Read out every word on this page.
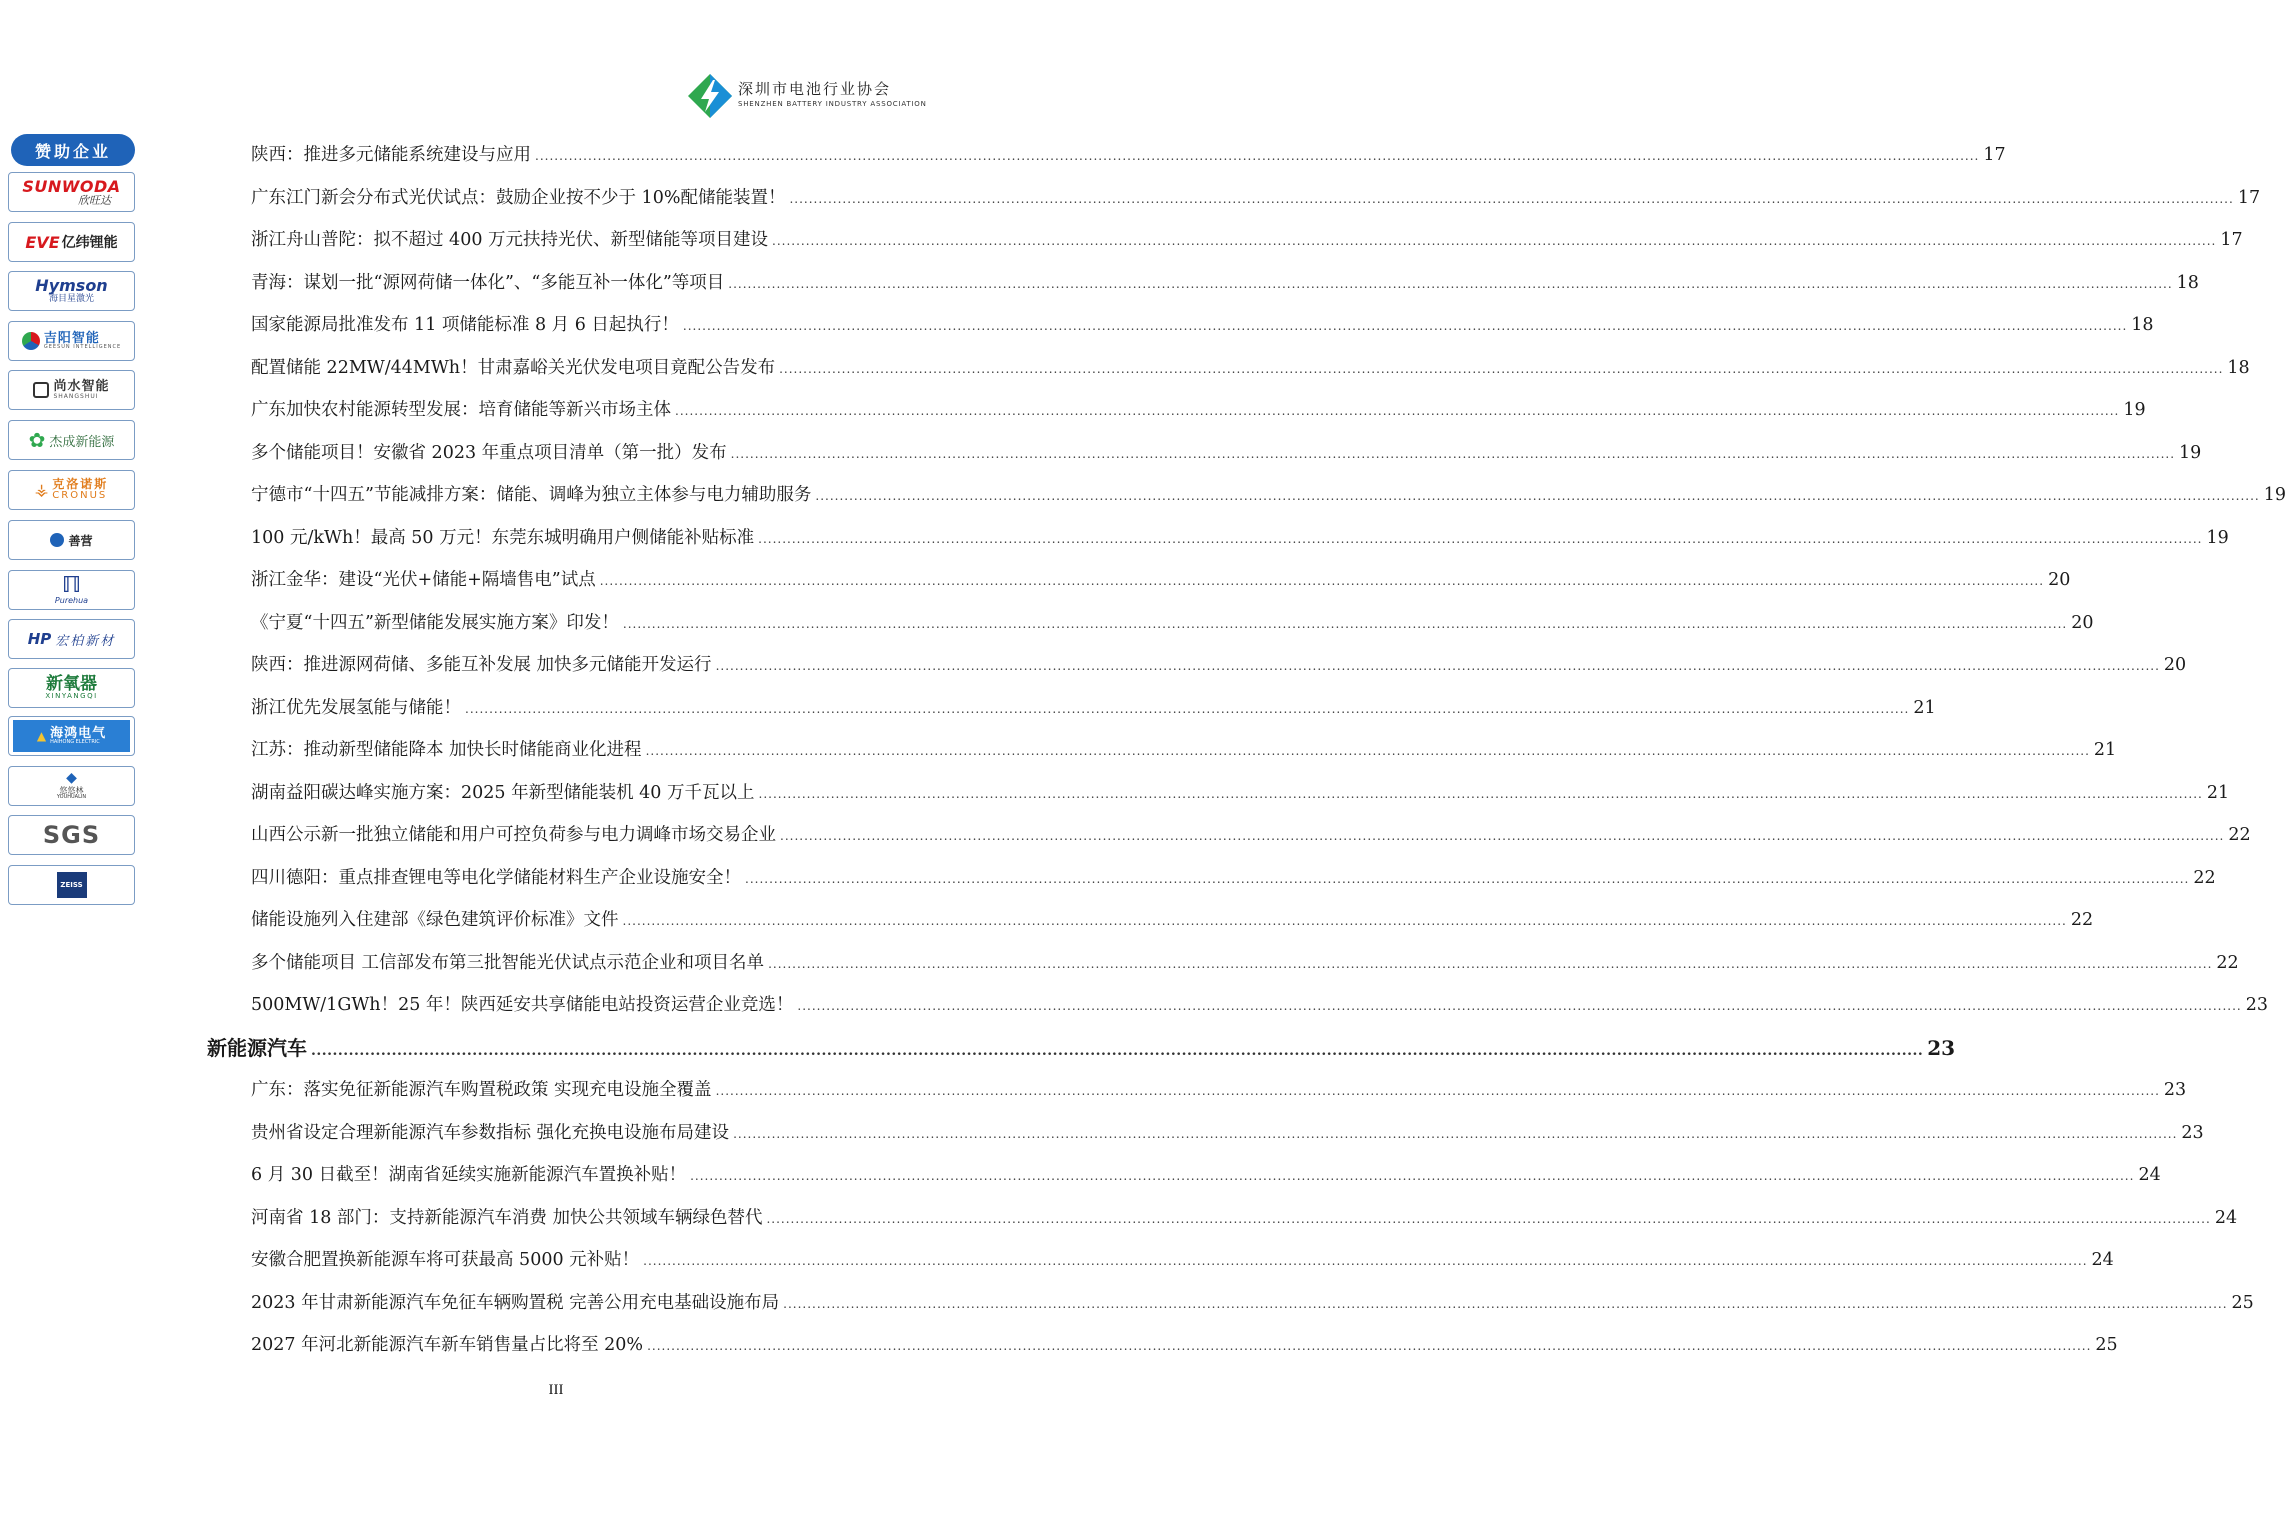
深圳市电池行业协会
SHENZHEN BATTERY INDUSTRY ASSOCIATION
赞助企业
SUNWODA
欣旺达
EVE 亿纬锂能
Hymson
海目星激光
吉阳智能
GEESUN INTELLIGENCE
尚水智能
SHANGSHUI
✿ 杰成新能源
⚶ 克洛诺斯
CRONUS
善营
ℿ
Purehua
HP 宏柏新材
新氧器
XINYANGQI
▲ 海鸿电气
HAIHONG ELECTRIC
◆
悠悠林
YOUHUALIN
SGS
ZEISS
陕西：推进多元储能系统建设与应用 ............................................................................................................................................................................................................................................................................................................ 17
广东江门新会分布式光伏试点：鼓励企业按不少于 10%配储能装置！ ............................................................................................................................................................................................................................................................................................................ 17
浙江舟山普陀：拟不超过 400 万元扶持光伏、新型储能等项目建设 ............................................................................................................................................................................................................................................................................................................ 17
青海：谋划一批“源网荷储一体化”、“多能互补一体化”等项目 ............................................................................................................................................................................................................................................................................................................ 18
国家能源局批准发布 11 项储能标准 8 月 6 日起执行！ ............................................................................................................................................................................................................................................................................................................ 18
配置储能 22MW/44MWh！甘肃嘉峪关光伏发电项目竟配公告发布 ............................................................................................................................................................................................................................................................................................................ 18
广东加快农村能源转型发展：培育储能等新兴市场主体 ............................................................................................................................................................................................................................................................................................................ 19
多个储能项目！安徽省 2023 年重点项目清单（第一批）发布 ............................................................................................................................................................................................................................................................................................................ 19
宁德市“十四五”节能减排方案：储能、调峰为独立主体参与电力辅助服务 ............................................................................................................................................................................................................................................................................................................ 19
100 元/kWh！最高 50 万元！东莞东城明确用户侧储能补贴标准 ............................................................................................................................................................................................................................................................................................................ 19
浙江金华：建设“光伏+储能+隔墙售电”试点 ............................................................................................................................................................................................................................................................................................................ 20
《宁夏“十四五”新型储能发展实施方案》印发！ ............................................................................................................................................................................................................................................................................................................ 20
陕西：推进源网荷储、多能互补发展 加快多元储能开发运行 ............................................................................................................................................................................................................................................................................................................ 20
浙江优先发展氢能与储能！ ............................................................................................................................................................................................................................................................................................................ 21
江苏：推动新型储能降本 加快长时储能商业化进程 ............................................................................................................................................................................................................................................................................................................ 21
湖南益阳碳达峰实施方案：2025 年新型储能装机 40 万千瓦以上 ............................................................................................................................................................................................................................................................................................................ 21
山西公示新一批独立储能和用户可控负荷参与电力调峰市场交易企业 ............................................................................................................................................................................................................................................................................................................ 22
四川德阳：重点排查锂电等电化学储能材料生产企业设施安全！ ............................................................................................................................................................................................................................................................................................................ 22
储能设施列入住建部《绿色建筑评价标准》文件 ............................................................................................................................................................................................................................................................................................................ 22
多个储能项目 工信部发布第三批智能光伏试点示范企业和项目名单 ............................................................................................................................................................................................................................................................................................................ 22
500MW/1GWh！25 年！陕西延安共享储能电站投资运营企业竞选！ ............................................................................................................................................................................................................................................................................................................ 23
新能源汽车 ............................................................................................................................................................................................................................................................................................................ 23
广东：落实免征新能源汽车购置税政策 实现充电设施全覆盖 ............................................................................................................................................................................................................................................................................................................ 23
贵州省设定合理新能源汽车参数指标 强化充换电设施布局建设 ............................................................................................................................................................................................................................................................................................................ 23
6 月 30 日截至！湖南省延续实施新能源汽车置换补贴！ ............................................................................................................................................................................................................................................................................................................ 24
河南省 18 部门：支持新能源汽车消费 加快公共领域车辆绿色替代 ............................................................................................................................................................................................................................................................................................................ 24
安徽合肥置换新能源车将可获最高 5000 元补贴！ ............................................................................................................................................................................................................................................................................................................ 24
2023 年甘肃新能源汽车免征车辆购置税 完善公用充电基础设施布局 ............................................................................................................................................................................................................................................................................................................ 25
2027 年河北新能源汽车新车销售量占比将至 20% ............................................................................................................................................................................................................................................................................................................ 25
III
